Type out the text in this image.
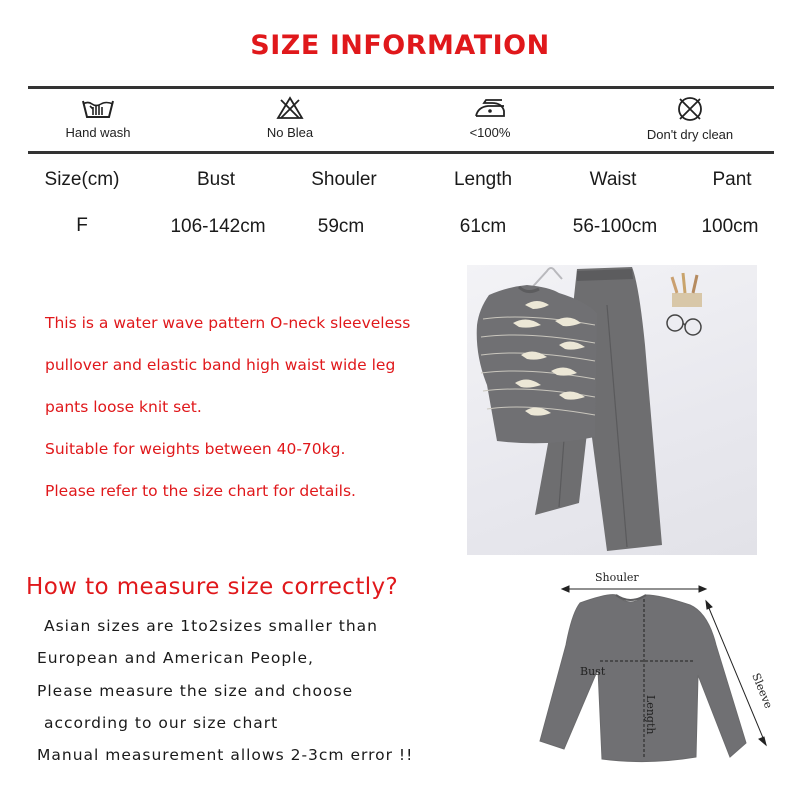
SIZE INFORMATION
Hand wash	No Blea	<100%	Don't dry clean
Size(cm)	Bust	Shouler	Length	Waist	Pant
F	106-142cm	59cm	61cm	56-100cm	100cm
This is a water wave pattern O-neck sleeveless
pullover and elastic band high waist wide leg
pants loose knit set.
Suitable for weights between 40-70kg.
Please refer to the size chart for details.
How to measure size correctly?
Asian sizes are 1to2sizes smaller than
European and American People,
Please measure the size and choose
according to our size chart
Manual measurement allows 2-3cm error !!
Shouler
Bust
Length
Sleeve
